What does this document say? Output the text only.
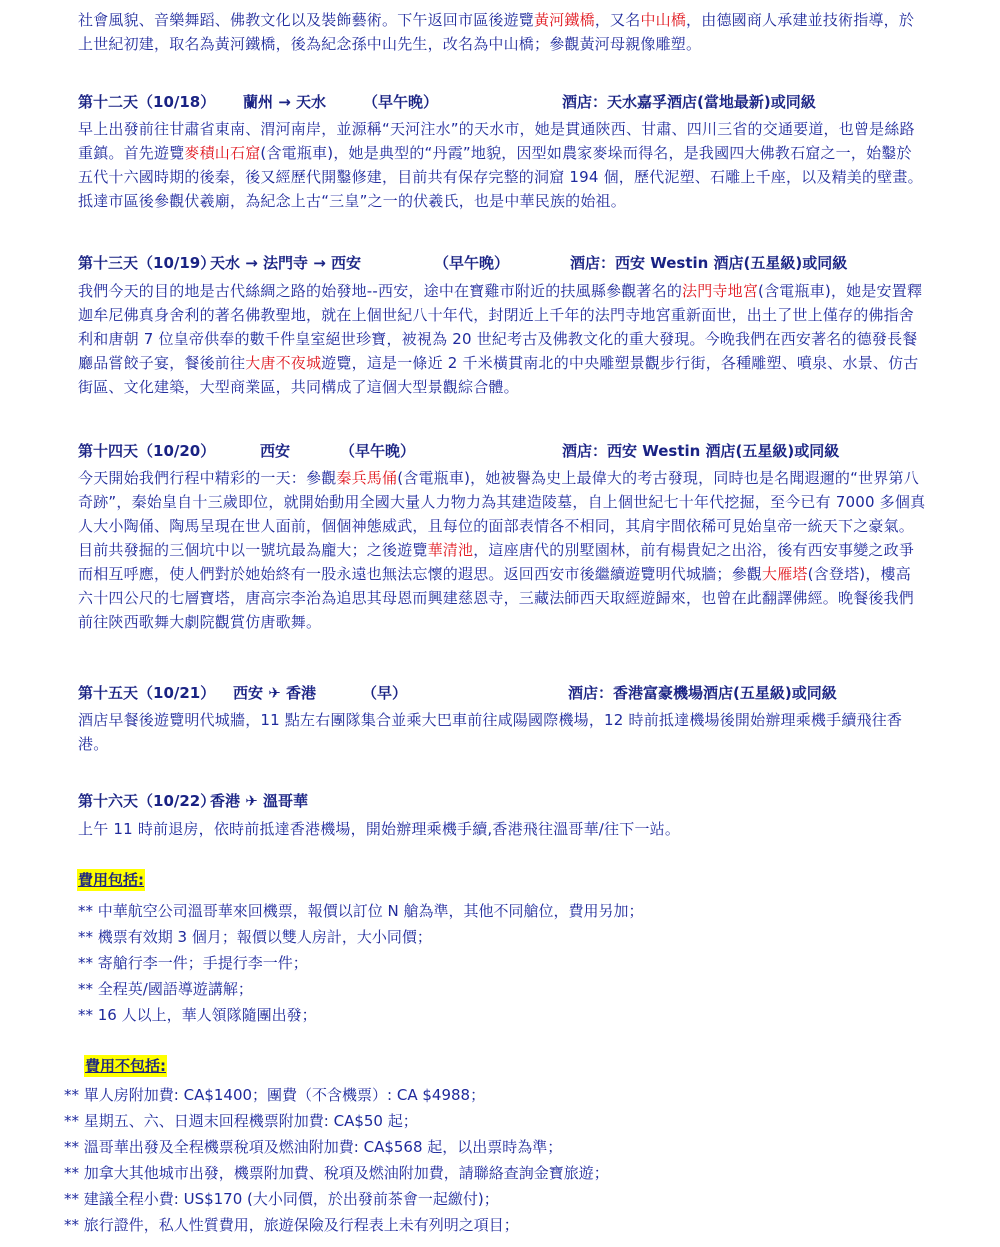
社會風貌、音樂舞蹈、佛教文化以及裝飾藝術。下午返回市區後遊覽黃河鐵橋，又名中山橋，由德國商人承建並技術指導，於上世紀初建，取名為黃河鐵橋，後為紀念孫中山先生，改名為中山橋；參觀黃河母親像雕塑。
第十二天（10/18） 蘭州 → 天水 （早午晚）	酒店：天水嘉孚酒店(當地最新)或同級
早上出發前往甘肅省東南、渭河南岸，並源稱“天河注水”的天水市，她是貫通陝西、甘肅、四川三省的交通要道，也曾是絲路重鎮。首先遊覽麥積山石窟(含電瓶車)，她是典型的“丹霞”地貌，因型如農家麥垛而得名，是我國四大佛教石窟之一，始鑿於五代十六國時期的後秦，後又經歷代開鑿修建，目前共有保存完整的洞窟 194 個，歷代泥塑、石雕上千座，以及精美的壁畫。抵達市區後參觀伏羲廟，為紀念上古“三皇”之一的伏羲氏，也是中華民族的始祖。
第十三天（10/19）
天水 → 法門寺 → 西安	（早午晚）	酒店：西安 Westin 酒店(五星級)或同級
我們今天的目的地是古代絲綢之路的始發地--西安，途中在寶雞市附近的扶風縣參觀著名的法門寺地宮(含電瓶車)，她是安置釋迦牟尼佛真身舍利的著名佛教聖地，就在上個世紀八十年代，封閉近上千年的法門寺地宮重新面世，出土了世上僅存的佛指舍利和唐朝 7 位皇帝供奉的數千件皇室絕世珍寶，被視為 20 世紀考古及佛教文化的重大發現。今晚我們在西安著名的德發長餐廳品嘗餃子宴，餐後前往大唐不夜城遊覽，這是一條近 2 千米橫貫南北的中央雕塑景觀步行街，各種雕塑、噴泉、水景、仿古街區、文化建築，大型商業區，共同構成了這個大型景觀綜合體。
第十四天（10/20）	西安	（早午晚）	酒店：西安 Westin 酒店(五星級)或同級
今天開始我們行程中精彩的一天：參觀秦兵馬俑(含電瓶車)，她被譽為史上最偉大的考古發現，同時也是名聞遐邇的“世界第八奇跡”，秦始皇自十三歲即位，就開始動用全國大量人力物力為其建造陵墓，自上個世紀七十年代挖掘，至今已有 7000 多個真人大小陶俑、陶馬呈現在世人面前，個個神態威武，且每位的面部表情各不相同，其肩宇間依稀可見始皇帝一統天下之豪氣。目前共發掘的三個坑中以一號坑最為龐大；之後遊覽華清池，這座唐代的別墅園林，前有楊貴妃之出浴，後有西安事變之政爭而相互呼應，使人們對於她始終有一股永遠也無法忘懷的遐思。返回西安市後繼續遊覽明代城牆；參觀大雁塔(含登塔)，樓高六十四公尺的七層寶塔，唐高宗李治為追思其母恩而興建慈恩寺，三藏法師西天取經遊歸來，也曾在此翻譯佛經。晚餐後我們前往陝西歌舞大劇院觀賞仿唐歌舞。
第十五天（10/21） 西安 ✈ 香港	（早）	酒店：香港富豪機場酒店(五星級)或同級
酒店早餐後遊覽明代城牆，11 點左右團隊集合並乘大巴車前往咸陽國際機場，12 時前抵達機場後開始辦理乘機手續飛往香港。
第十六天（10/22）
香港 ✈ 溫哥華
上午 11 時前退房，依時前抵達香港機場，開始辦理乘機手續,香港飛往溫哥華/往下一站。
費用包括:
** 中華航空公司溫哥華來回機票，報價以訂位 N 艙為準，其他不同艙位，費用另加；
** 機票有效期 3 個月；報價以雙人房計，大小同價；
** 寄艙行李一件；手提行李一件；
** 全程英/國語導遊講解；
** 16 人以上，華人領隊隨團出發；
費用不包括:
** 單人房附加費: CA$1400；團費（不含機票）: CA $4988；
** 星期五、六、日週末回程機票附加費: CA$50 起；
** 溫哥華出發及全程機票稅項及燃油附加費: CA$568 起，以出票時為準；
** 加拿大其他城市出發，機票附加費、稅項及燃油附加費，請聯絡查詢金寶旅遊；
** 建議全程小費: US$170 (大小同價，於出發前茶會一起繳付)；
** 旅行證件，私人性質費用，旅遊保險及行程表上未有列明之項目；
